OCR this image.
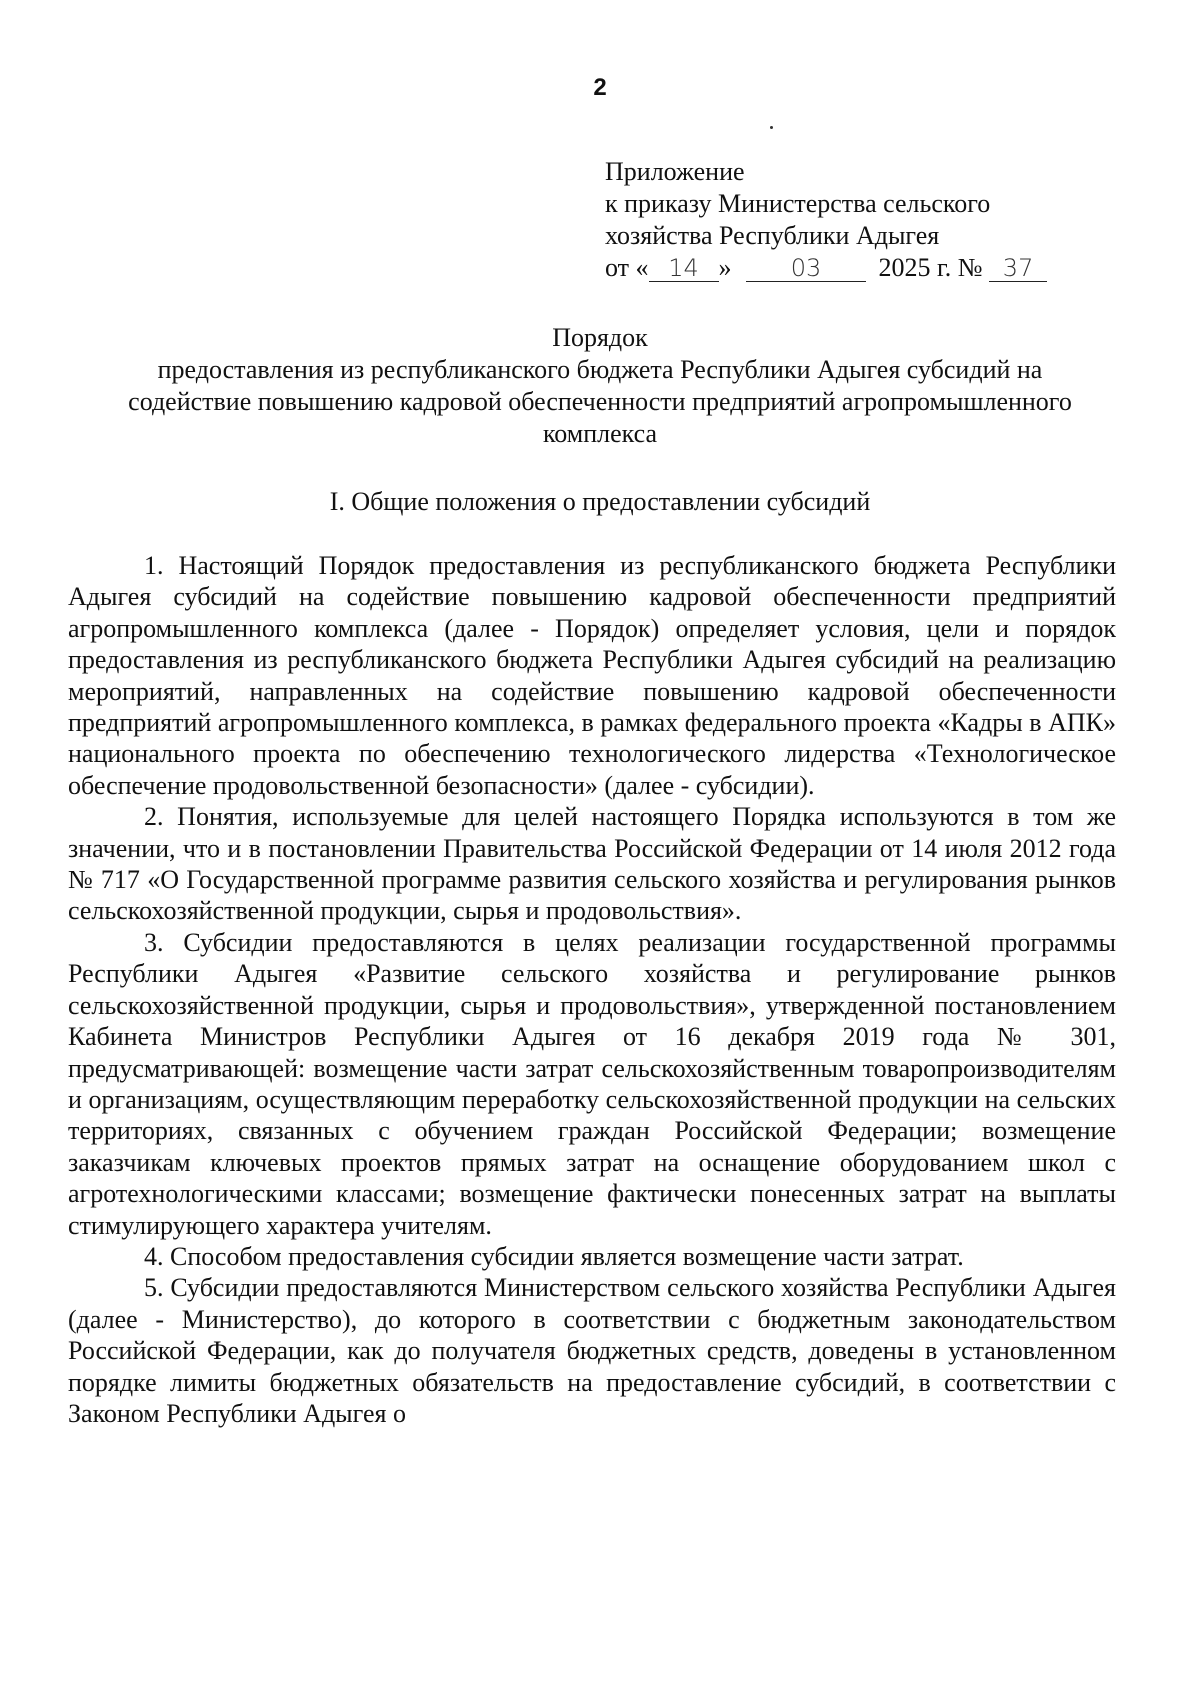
2
Приложение
к приказу Министерства сельского
хозяйства Республики Адыгея
от « 14 » 03 2025 г. № 37
Порядок
предоставления из республиканского бюджета Республики Адыгея субсидий на
содействие повышению кадровой обеспеченности предприятий агропромышленного
комплекса
I. Общие положения о предоставлении субсидий

1. Настоящий Порядок предоставления из республиканского бюджета Республики Адыгея субсидий на содействие повышению кадровой обеспеченности предприятий агропромышленного комплекса (далее - Порядок) определяет условия, цели и порядок предоставления из республиканского бюджета Республики Адыгея субсидий на реализацию мероприятий, направленных на содействие повышению кадровой обеспеченности предприятий агропромышленного комплекса, в рамках федерального проекта «Кадры в АПК» национального проекта по обеспечению технологического лидерства «Технологическое обеспечение продовольственной безопасности» (далее - субсидии).

2. Понятия, используемые для целей настоящего Порядка используются в том же значении, что и в постановлении Правительства Российской Федерации от 14 июля 2012 года № 717 «О Государственной программе развития сельского хозяйства и регулирования рынков сельскохозяйственной продукции, сырья и продовольствия».

3. Субсидии предоставляются в целях реализации государственной программы Республики Адыгея «Развитие сельского хозяйства и регулирование рынков сельскохозяйственной продукции, сырья и продовольствия», утвержденной постановлением Кабинета Министров Республики Адыгея от 16 декабря 2019 года № 301, предусматривающей: возмещение части затрат сельскохозяйственным товаропроизводителям и организациям, осуществляющим переработку сельскохозяйственной продукции на сельских территориях, связанных с обучением граждан Российской Федерации; возмещение заказчикам ключевых проектов прямых затрат на оснащение оборудованием школ с агротехнологическими классами; возмещение фактически понесенных затрат на выплаты стимулирующего характера учителям.

4. Способом предоставления субсидии является возмещение части затрат.

5. Субсидии предоставляются Министерством сельского хозяйства Республики Адыгея (далее - Министерство), до которого в соответствии с бюджетным законодательством Российской Федерации, как до получателя бюджетных средств, доведены в установленном порядке лимиты бюджетных обязательств на предоставление субсидий, в соответствии с Законом Республики Адыгея о
